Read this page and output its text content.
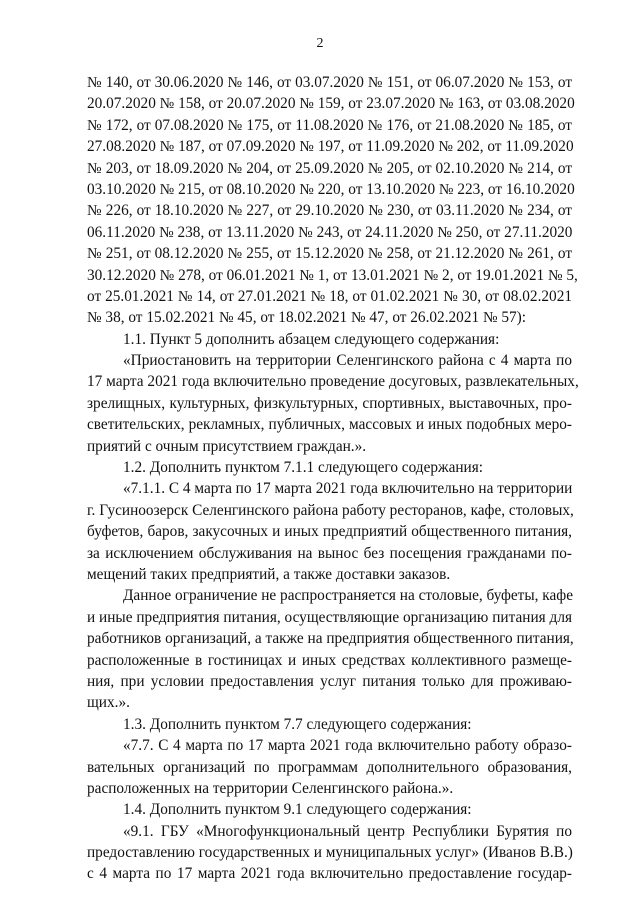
2
№ 140, от 30.06.2020 № 146, от 03.07.2020 № 151, от 06.07.2020 № 153, от
20.07.2020 № 158, от 20.07.2020 № 159, от 23.07.2020 № 163, от 03.08.2020
№ 172, от 07.08.2020 № 175, от 11.08.2020 № 176, от 21.08.2020 № 185, от
27.08.2020 № 187, от 07.09.2020 № 197, от 11.09.2020 № 202, от 11.09.2020
№ 203, от 18.09.2020 № 204, от 25.09.2020 № 205, от 02.10.2020 № 214, от
03.10.2020 № 215, от 08.10.2020 № 220, от 13.10.2020 № 223, от 16.10.2020
№ 226, от 18.10.2020 № 227, от 29.10.2020 № 230, от 03.11.2020 № 234, от
06.11.2020 № 238, от 13.11.2020 № 243, от 24.11.2020 № 250, от 27.11.2020
№ 251, от 08.12.2020 № 255, от 15.12.2020 № 258, от 21.12.2020 № 261, от
30.12.2020 № 278, от 06.01.2021 № 1, от 13.01.2021 № 2, от 19.01.2021 № 5,
от 25.01.2021 № 14, от 27.01.2021 № 18, от 01.02.2021 № 30, от 08.02.2021
№ 38, от 15.02.2021 № 45, от 18.02.2021 № 47, от 26.02.2021 № 57):
1.1. Пункт 5 дополнить абзацем следующего содержания:
«Приостановить на территории Селенгинского района с 4 марта по
17 марта 2021 года включительно проведение досуговых, развлекательных,
зрелищных, культурных, физкультурных, спортивных, выставочных, про-
светительских, рекламных, публичных, массовых и иных подобных меро-
приятий с очным присутствием граждан.».
1.2. Дополнить пунктом 7.1.1 следующего содержания:
«7.1.1. С 4 марта по 17 марта 2021 года включительно на территории
г. Гусиноозерск Селенгинского района работу ресторанов, кафе, столовых,
буфетов, баров, закусочных и иных предприятий общественного питания,
за исключением обслуживания на вынос без посещения гражданами по-
мещений таких предприятий, а также доставки заказов.
Данное ограничение не распространяется на столовые, буфеты, кафе
и иные предприятия питания, осуществляющие организацию питания для
работников организаций, а также на предприятия общественного питания,
расположенные в гостиницах и иных средствах коллективного размеще-
ния, при условии предоставления услуг питания только для проживаю-
щих.».
1.3. Дополнить пунктом 7.7 следующего содержания:
«7.7. С 4 марта по 17 марта 2021 года включительно работу образо-
вательных организаций по программам дополнительного образования,
расположенных на территории Селенгинского района.».
1.4. Дополнить пунктом 9.1 следующего содержания:
«9.1. ГБУ «Многофункциональный центр Республики Бурятия по
предоставлению государственных и муниципальных услуг» (Иванов В.В.)
с 4 марта по 17 марта 2021 года включительно предоставление государ-
